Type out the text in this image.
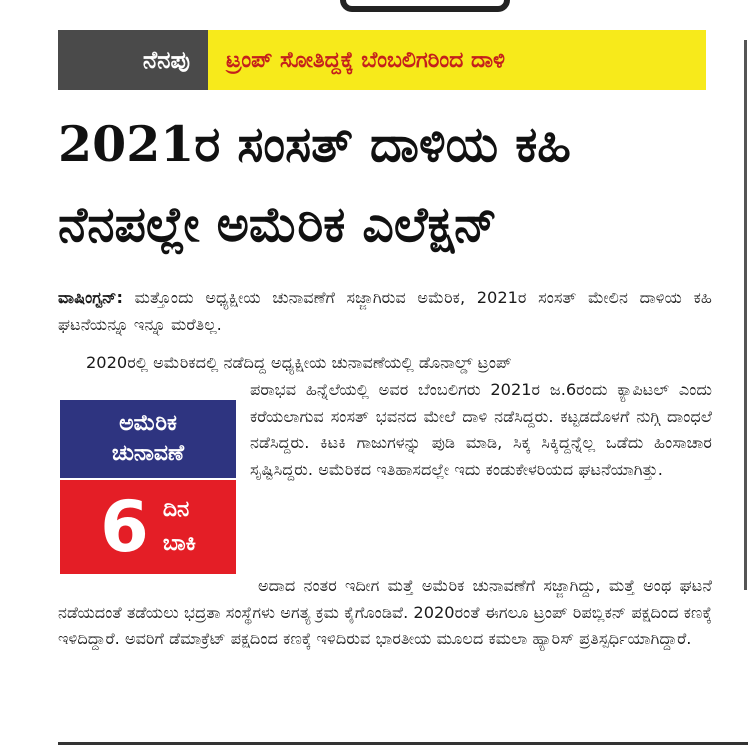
ನೆನಪು	ಟ್ರಂಪ್ ಸೋತಿದ್ದಕ್ಕೆ ಬೆಂಬಲಿಗರಿಂದ ದಾಳಿ
2021ರ ಸಂಸತ್ ದಾಳಿಯ ಕಹಿ
ನೆನಪಲ್ಲೇ ಅಮೆರಿಕ ಎಲೆಕ್ಷನ್

ವಾಷಿಂಗ್ಟನ್: ಮತ್ತೊಂದು ಅಧ್ಯಕ್ಷೀಯ ಚುನಾವಣೆಗೆ ಸಜ್ಜಾಗಿರುವ ಅಮೆರಿಕ, 2021ರ ಸಂಸತ್ ಮೇಲಿನ ದಾಳಿಯ ಕಹಿ ಘಟನೆಯನ್ನೂ ಇನ್ನೂ ಮರೆತಿಲ್ಲ.

2020ರಲ್ಲಿ ಅಮೆರಿಕದಲ್ಲಿ ನಡೆದಿದ್ದ ಅಧ್ಯಕ್ಷೀಯ ಚುನಾವಣೆಯಲ್ಲಿ ಡೊನಾಲ್ಡ್ ಟ್ರಂಪ್

ಪರಾಭವ ಹಿನ್ನೆಲೆಯಲ್ಲಿ ಅವರ ಬೆಂಬಲಿಗರು 2021ರ ಜ.6ರಂದು ಕ್ಯಾಪಿಟಲ್ ಎಂದು ಕರೆಯಲಾಗುವ ಸಂಸತ್ ಭವನದ ಮೇಲೆ ದಾಳಿ ನಡೆಸಿದ್ದರು. ಕಟ್ಟಡದೊಳಗೆ ನುಗ್ಗಿ ದಾಂಧಲೆ ನಡೆಸಿದ್ದರು. ಕಿಟಕಿ ಗಾಜುಗಳನ್ನು ಪುಡಿ ಮಾಡಿ, ಸಿಕ್ಕ ಸಿಕ್ಕಿದ್ದನ್ನೆಲ್ಲ ಒಡೆದು ಹಿಂಸಾಚಾರ ಸೃಷ್ಟಿಸಿದ್ದರು. ಅಮೆರಿಕದ ಇತಿಹಾಸದಲ್ಲೇ ಇದು ಕಂಡುಕೇಳರಿಯದ ಘಟನೆಯಾಗಿತ್ತು.

ಅಮೆರಿಕ
ಚುನಾವಣೆ
6 ದಿನ
ಬಾಕಿ

ಅದಾದ ನಂತರ ಇದೀಗ ಮತ್ತೆ ಅಮೆರಿಕ ಚುನಾವಣೆಗೆ ಸಜ್ಜಾಗಿದ್ದು, ಮತ್ತೆ ಅಂಥ ಘಟನೆ ನಡೆಯದಂತೆ ತಡೆಯಲು ಭದ್ರತಾ ಸಂಸ್ಥೆಗಳು ಅಗತ್ಯ ಕ್ರಮ ಕೈಗೊಂಡಿವೆ. 2020ರಂತೆ ಈಗಲೂ ಟ್ರಂಪ್ ರಿಪಬ್ಲಿಕನ್ ಪಕ್ಷದಿಂದ ಕಣಕ್ಕೆ ಇಳಿದಿದ್ದಾರೆ. ಅವರಿಗೆ ಡೆಮಾಕ್ರೆಟ್ ಪಕ್ಷದಿಂದ ಕಣಕ್ಕೆ ಇಳಿದಿರುವ ಭಾರತೀಯ ಮೂಲದ ಕಮಲಾ ಹ್ಯಾರಿಸ್ ಪ್ರತಿಸ್ಪರ್ಧಿಯಾಗಿದ್ದಾರೆ.
